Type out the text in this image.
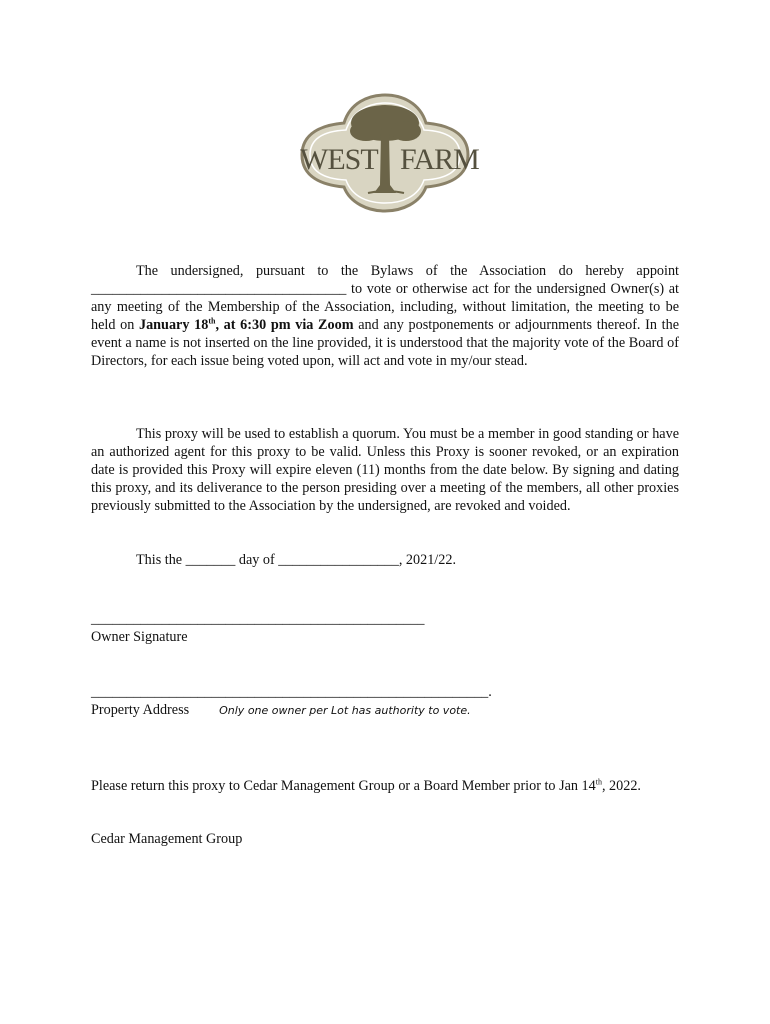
WEST FARM

The undersigned, pursuant to the Bylaws of the Association do hereby appoint ____________________________________ to vote or otherwise act for the undersigned Owner(s) at any meeting of the Membership of the Association, including, without limitation, the meeting to be held on January 18th, at 6:30 pm via Zoom and any postponements or adjournments thereof. In the event a name is not inserted on the line provided, it is understood that the majority vote of the Board of Directors, for each issue being voted upon, will act and vote in my/our stead.

This proxy will be used to establish a quorum. You must be a member in good standing or have an authorized agent for this proxy to be valid. Unless this Proxy is sooner revoked, or an expiration date is provided this Proxy will expire eleven (11) months from the date below. By signing and dating this proxy, and its deliverance to the person presiding over a meeting of the members, all other proxies previously submitted to the Association by the undersigned, are revoked and voided.

This the _______ day of _________________, 2021/22.
_______________________________________________
Owner Signature
________________________________________________________.
Property Address	Only one owner per Lot has authority to vote.
Please return this proxy to Cedar Management Group or a Board Member prior to Jan 14th, 2022.
Cedar Management Group
